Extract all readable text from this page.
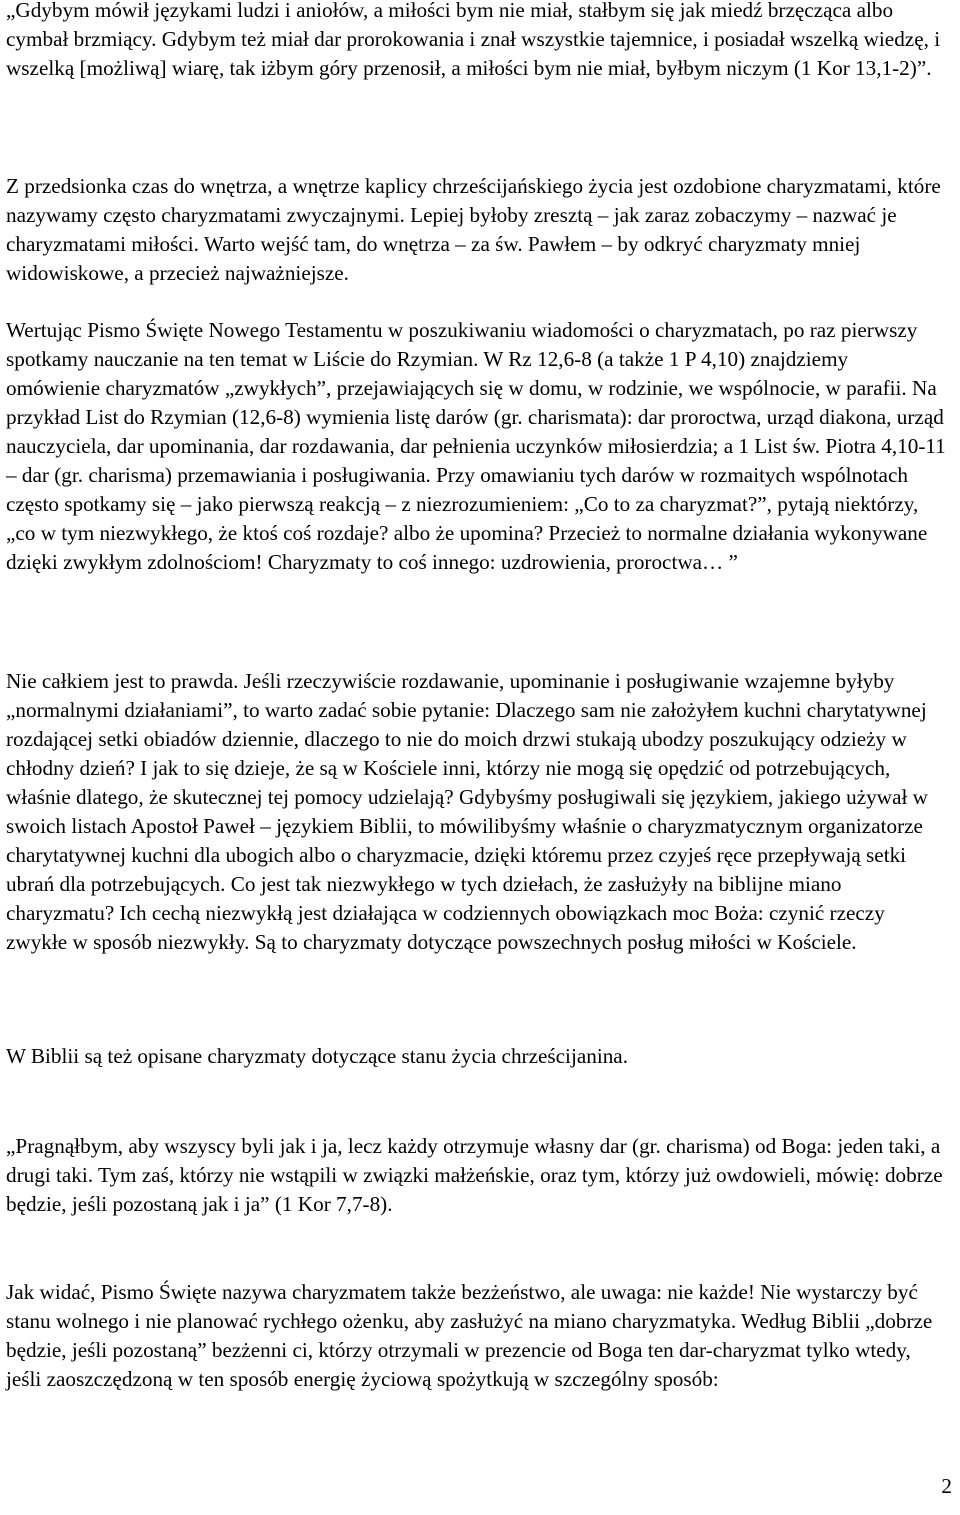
„Gdybym mówił językami ludzi i aniołów, a miłości bym nie miał, stałbym się jak miedź brzęcząca albo cymbał brzmiący. Gdybym też miał dar prorokowania i znał wszystkie tajemnice, i posiadał wszelką wiedzę, i wszelką [możliwą] wiarę, tak iżbym góry przenosił, a miłości bym nie miał, byłbym niczym (1 Kor 13,1-2)”.

Z przedsionka czas do wnętrza, a wnętrze kaplicy chrześcijańskiego życia jest ozdobione charyzmatami, które nazywamy często charyzmatami zwyczajnymi. Lepiej byłoby zresztą – jak zaraz zobaczymy – nazwać je charyzmatami miłości. Warto wejść tam, do wnętrza – za św. Pawłem – by odkryć charyzmaty mniej widowiskowe, a przecież najważniejsze.

Wertując Pismo Święte Nowego Testamentu w poszukiwaniu wiadomości o charyzmatach, po raz pierwszy spotkamy nauczanie na ten temat w Liście do Rzymian. W Rz 12,6-8 (a także 1 P 4,10) znajdziemy omówienie charyzmatów „zwykłych”, przejawiających się w domu, w rodzinie, we wspólnocie, w parafii. Na przykład List do Rzymian (12,6-8) wymienia listę darów (gr. charismata): dar proroctwa, urząd diakona, urząd nauczyciela, dar upominania, dar rozdawania, dar pełnienia uczynków miłosierdzia; a 1 List św. Piotra 4,10-11 – dar (gr. charisma) przemawiania i posługiwania. Przy omawianiu tych darów w rozmaitych wspólnotach często spotkamy się – jako pierwszą reakcją – z niezrozumieniem: „Co to za charyzmat?”, pytają niektórzy, „co w tym niezwykłego, że ktoś coś rozdaje? albo że upomina? Przecież to normalne działania wykonywane dzięki zwykłym zdolnościom! Charyzmaty to coś innego: uzdrowienia, proroctwa… ”

Nie całkiem jest to prawda. Jeśli rzeczywiście rozdawanie, upominanie i posługiwanie wzajemne byłyby „normalnymi działaniami”, to warto zadać sobie pytanie: Dlaczego sam nie założyłem kuchni charytatywnej rozdającej setki obiadów dziennie, dlaczego to nie do moich drzwi stukają ubodzy poszukujący odzieży w chłodny dzień? I jak to się dzieje, że są w Kościele inni, którzy nie mogą się opędzić od potrzebujących, właśnie dlatego, że skutecznej tej pomocy udzielają? Gdybyśmy posługiwali się językiem, jakiego używał w swoich listach Apostoł Paweł – językiem Biblii, to mówilibyśmy właśnie o charyzmatycznym organizatorze charytatywnej kuchni dla ubogich albo o charyzmacie, dzięki któremu przez czyjeś ręce przepływają setki ubrań dla potrzebujących. Co jest tak niezwykłego w tych dziełach, że zasłużyły na biblijne miano charyzmatu? Ich cechą niezwykłą jest działająca w codziennych obowiązkach moc Boża: czynić rzeczy zwykłe w sposób niezwykły. Są to charyzmaty dotyczące powszechnych posług miłości w Kościele.

W Biblii są też opisane charyzmaty dotyczące stanu życia chrześcijanina.

„Pragnąłbym, aby wszyscy byli jak i ja, lecz każdy otrzymuje własny dar (gr. charisma) od Boga: jeden taki, a drugi taki. Tym zaś, którzy nie wstąpili w związki małżeńskie, oraz tym, którzy już owdowieli, mówię: dobrze będzie, jeśli pozostaną jak i ja” (1 Kor 7,7-8).

Jak widać, Pismo Święte nazywa charyzmatem także bezżeństwo, ale uwaga: nie każde! Nie wystarczy być stanu wolnego i nie planować rychłego ożenku, aby zasłużyć na miano charyzmatyka. Według Biblii „dobrze będzie, jeśli pozostaną” bezżenni ci, którzy otrzymali w prezencie od Boga ten dar-charyzmat tylko wtedy, jeśli zaoszczędzoną w ten sposób energię życiową spożytkują w szczególny sposób:

2
